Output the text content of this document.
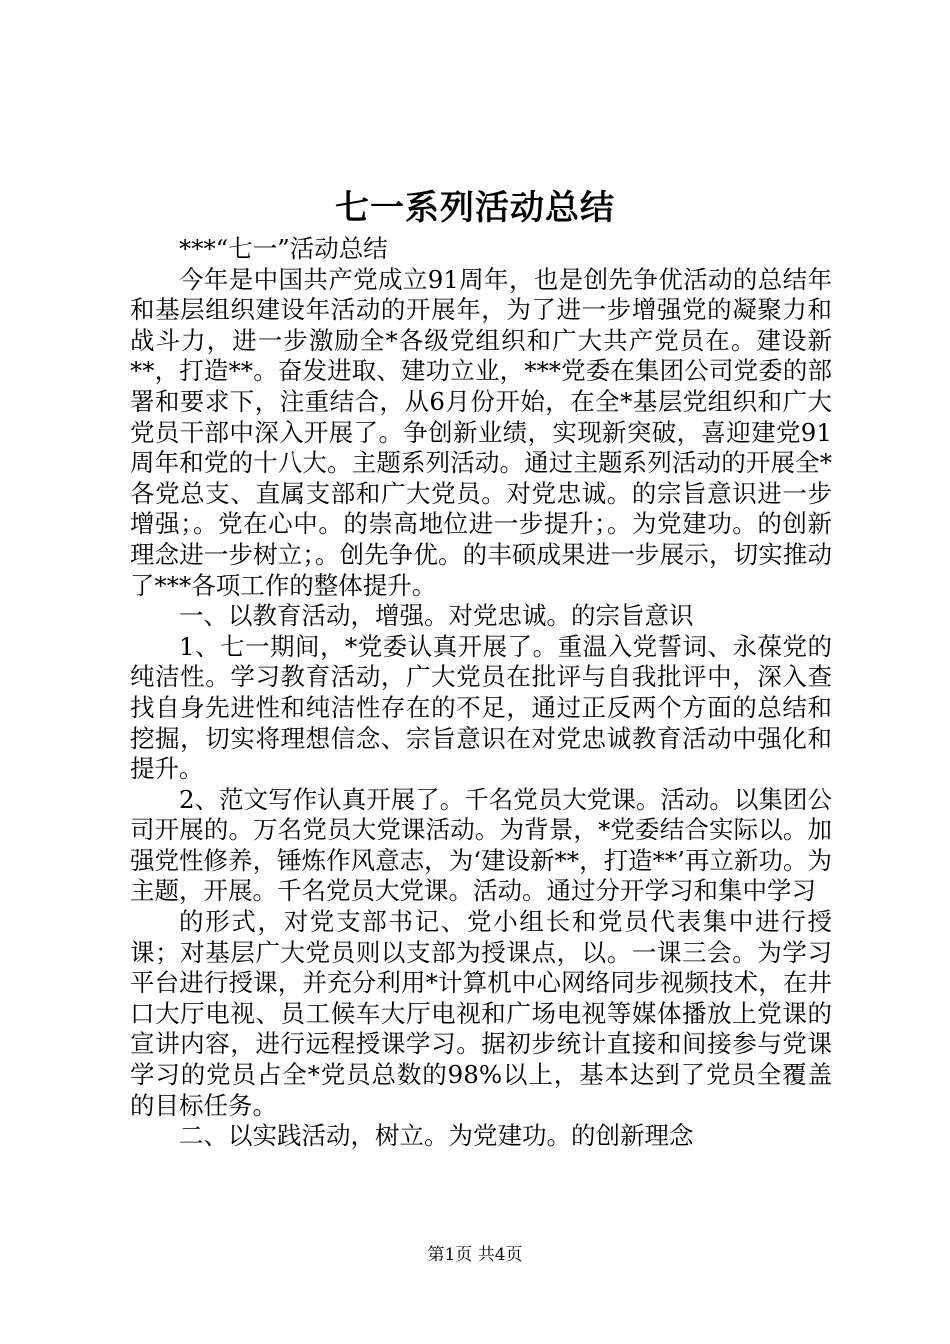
七一系列活动总结

***“七一”活动总结

今年是中国共产党成立91周年，也是创先争优活动的总结年和基层组织建设年活动的开展年，为了进一步增强党的凝聚力和战斗力，进一步激励全*各级党组织和广大共产党员在。建设新**，打造**。奋发进取、建功立业，***党委在集团公司党委的部署和要求下，注重结合，从6月份开始，在全*基层党组织和广大党员干部中深入开展了。争创新业绩，实现新突破，喜迎建党91周年和党的十八大。主题系列活动。通过主题系列活动的开展全*各党总支、直属支部和广大党员。对党忠诚。的宗旨意识进一步增强；。党在心中。的崇高地位进一步提升；。为党建功。的创新理念进一步树立；。创先争优。的丰硕成果进一步展示，切实推动了***各项工作的整体提升。

一、以教育活动，增强。对党忠诚。的宗旨意识

1、七一期间，*党委认真开展了。重温入党誓词、永葆党的纯洁性。学习教育活动，广大党员在批评与自我批评中，深入查找自身先进性和纯洁性存在的不足，通过正反两个方面的总结和挖掘，切实将理想信念、宗旨意识在对党忠诚教育活动中强化和提升。

2、范文写作认真开展了。千名党员大党课。活动。以集团公司开展的。万名党员大党课活动。为背景，*党委结合实际以。加强党性修养，锤炼作风意志，为‘建设新**，打造**’再立新功。为主题，开展。千名党员大党课。活动。通过分开学习和集中学习

的形式，对党支部书记、党小组长和党员代表集中进行授课；对基层广大党员则以支部为授课点，以。一课三会。为学习平台进行授课，并充分利用*计算机中心网络同步视频技术，在井口大厅电视、员工候车大厅电视和广场电视等媒体播放上党课的宣讲内容，进行远程授课学习。据初步统计直接和间接参与党课学习的党员占全*党员总数的98%以上，基本达到了党员全覆盖的目标任务。

二、以实践活动，树立。为党建功。的创新理念

第1页 共4页
